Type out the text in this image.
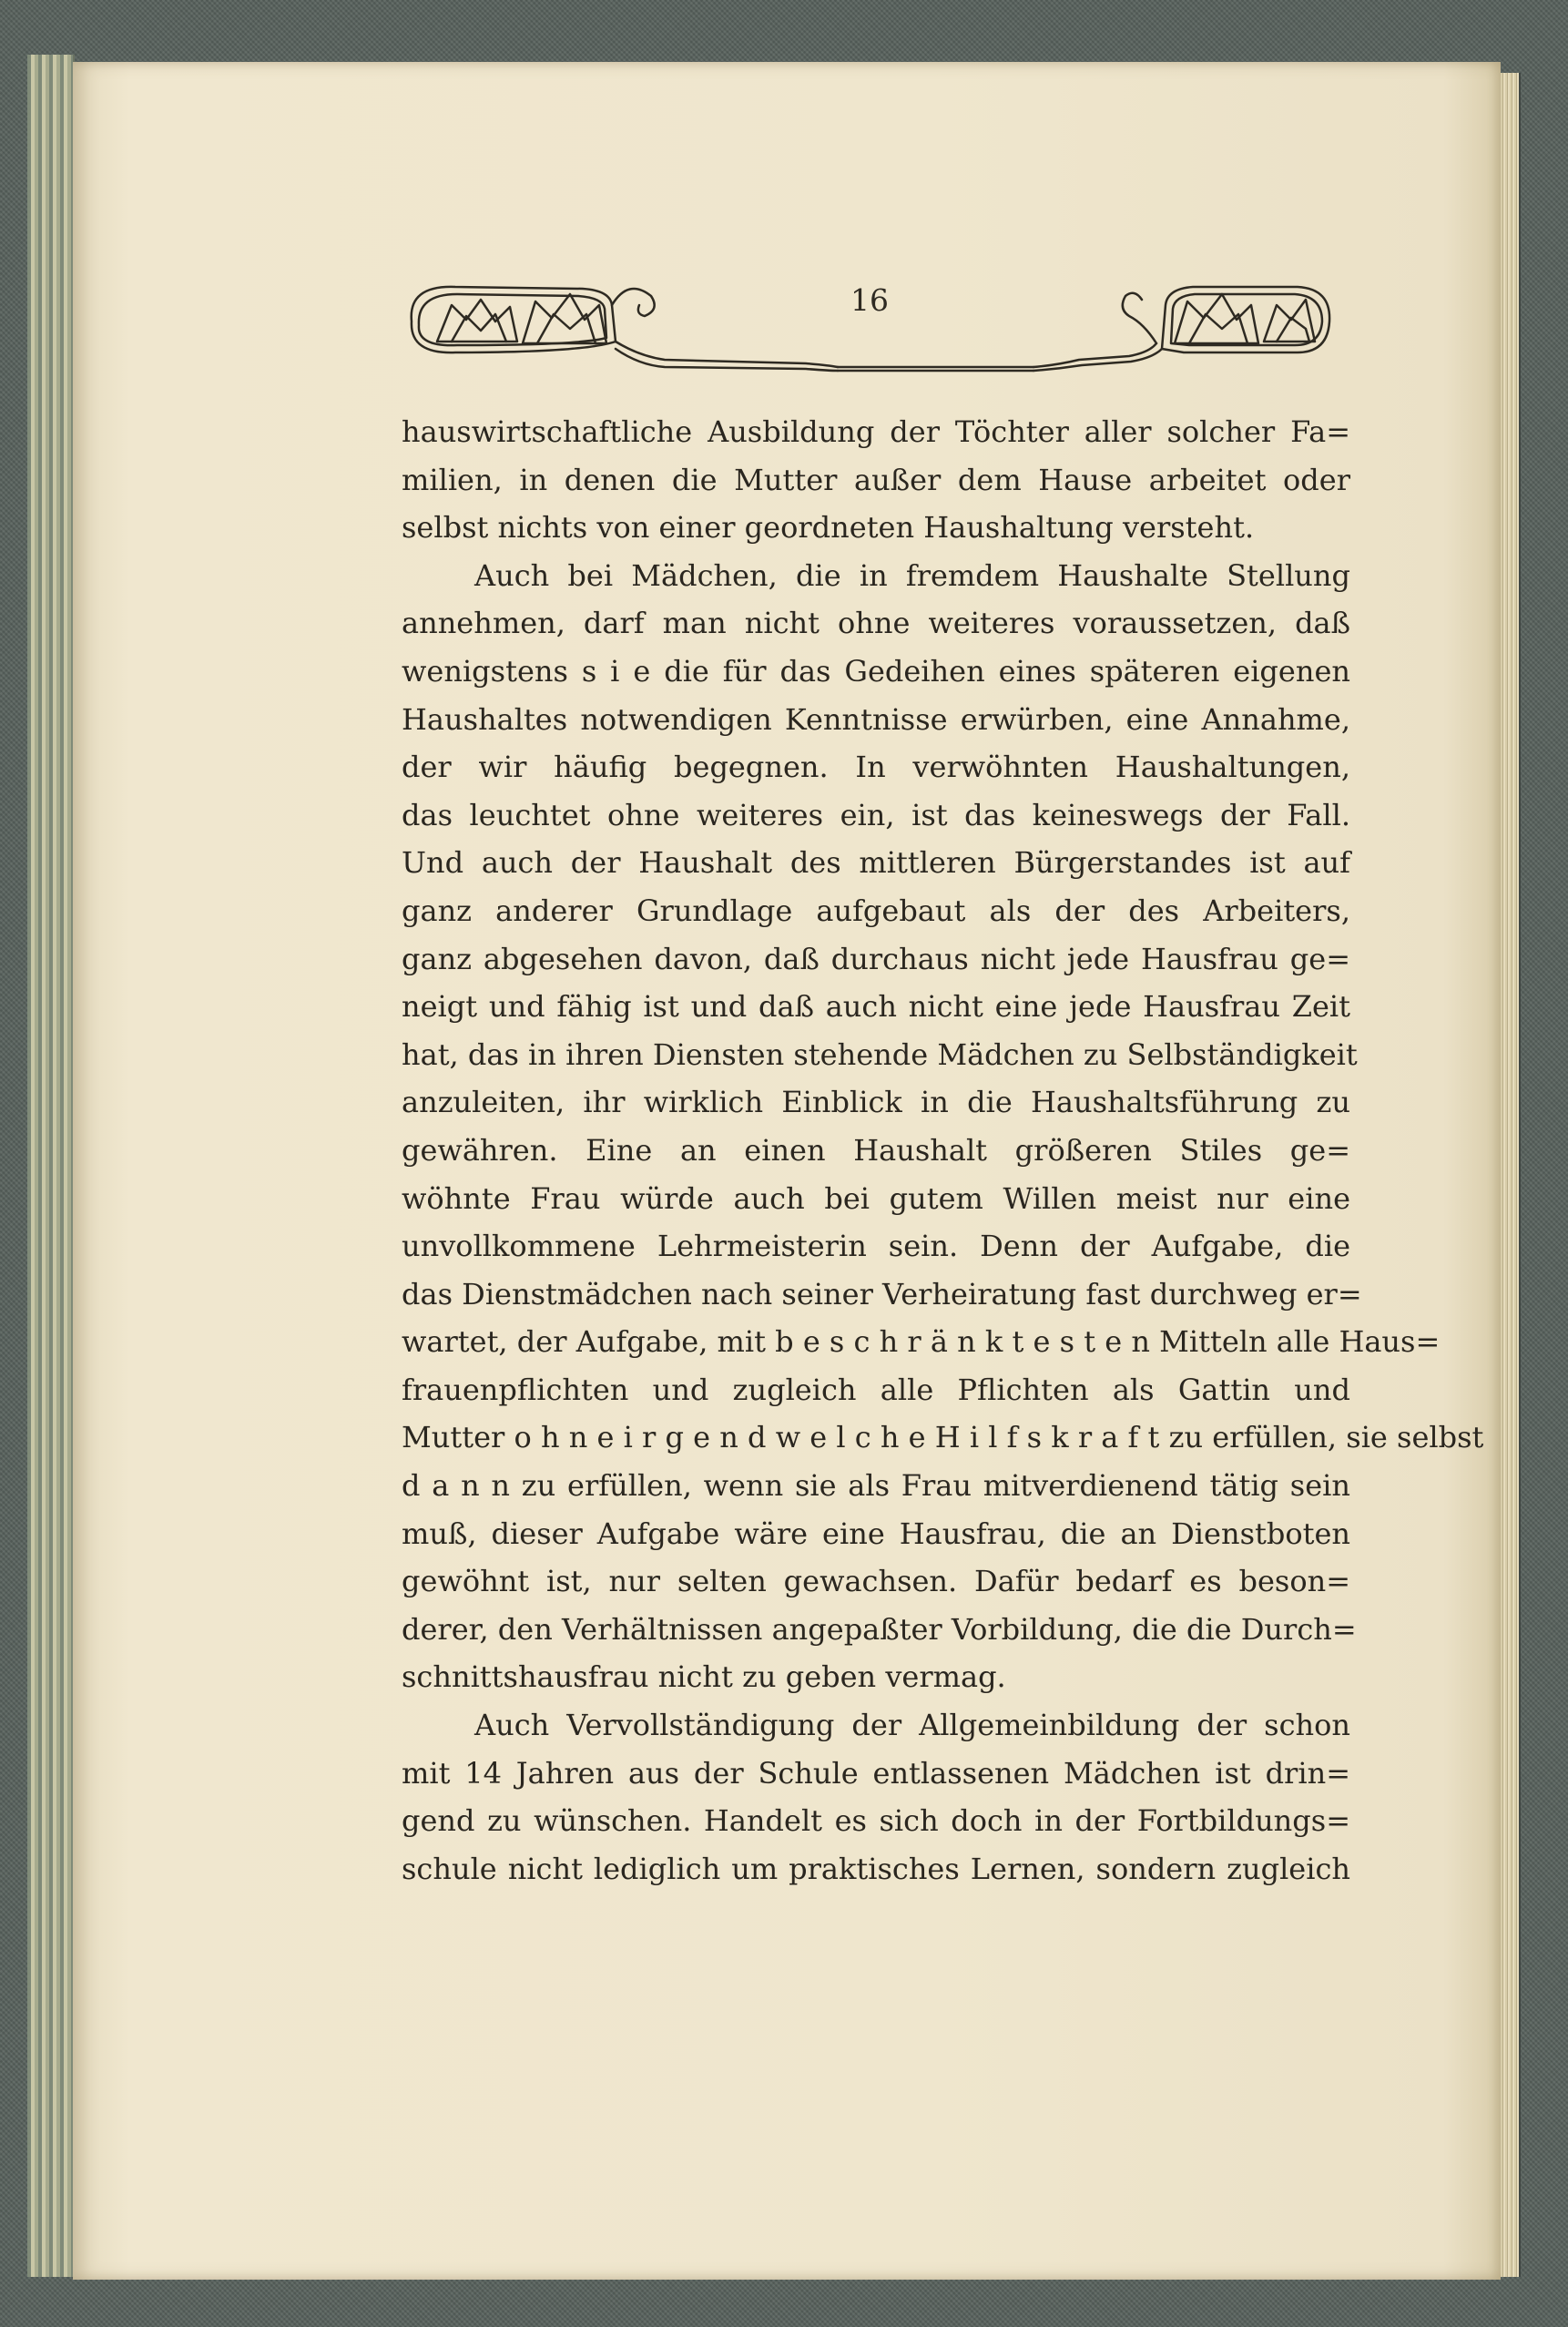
16
hauswirtschaftliche Ausbildung der Töchter aller solcher Fa=
milien, in denen die Mutter außer dem Hause arbeitet oder
selbst nichts von einer geordneten Haushaltung versteht.
Auch bei Mädchen, die in fremdem Haushalte Stellung
annehmen, darf man nicht ohne weiteres voraussetzen, daß
wenigstens s i e die für das Gedeihen eines späteren eigenen
Haushaltes notwendigen Kenntnisse erwürben, eine Annahme,
der wir häufig begegnen. In verwöhnten Haushaltungen,
das leuchtet ohne weiteres ein, ist das keineswegs der Fall.
Und auch der Haushalt des mittleren Bürgerstandes ist auf
ganz anderer Grundlage aufgebaut als der des Arbeiters,
ganz abgesehen davon, daß durchaus nicht jede Hausfrau ge=
neigt und fähig ist und daß auch nicht eine jede Hausfrau Zeit
hat, das in ihren Diensten stehende Mädchen zu Selbständigkeit
anzuleiten, ihr wirklich Einblick in die Haushaltsführung zu
gewähren. Eine an einen Haushalt größeren Stiles ge=
wöhnte Frau würde auch bei gutem Willen meist nur eine
unvollkommene Lehrmeisterin sein. Denn der Aufgabe, die
das Dienstmädchen nach seiner Verheiratung fast durchweg er=
wartet, der Aufgabe, mit b e s c h r ä n k t e s t e n Mitteln alle Haus=
frauenpflichten und zugleich alle Pflichten als Gattin und
Mutter o h n e i r g e n d w e l c h e H i l f s k r a f t zu erfüllen, sie selbst
d a n n zu erfüllen, wenn sie als Frau mitverdienend tätig sein
muß, dieser Aufgabe wäre eine Hausfrau, die an Dienstboten
gewöhnt ist, nur selten gewachsen. Dafür bedarf es beson=
derer, den Verhältnissen angepaßter Vorbildung, die die Durch=
schnittshausfrau nicht zu geben vermag.
Auch Vervollständigung der Allgemeinbildung der schon
mit 14 Jahren aus der Schule entlassenen Mädchen ist drin=
gend zu wünschen. Handelt es sich doch in der Fortbildungs=
schule nicht lediglich um praktisches Lernen, sondern zugleich
